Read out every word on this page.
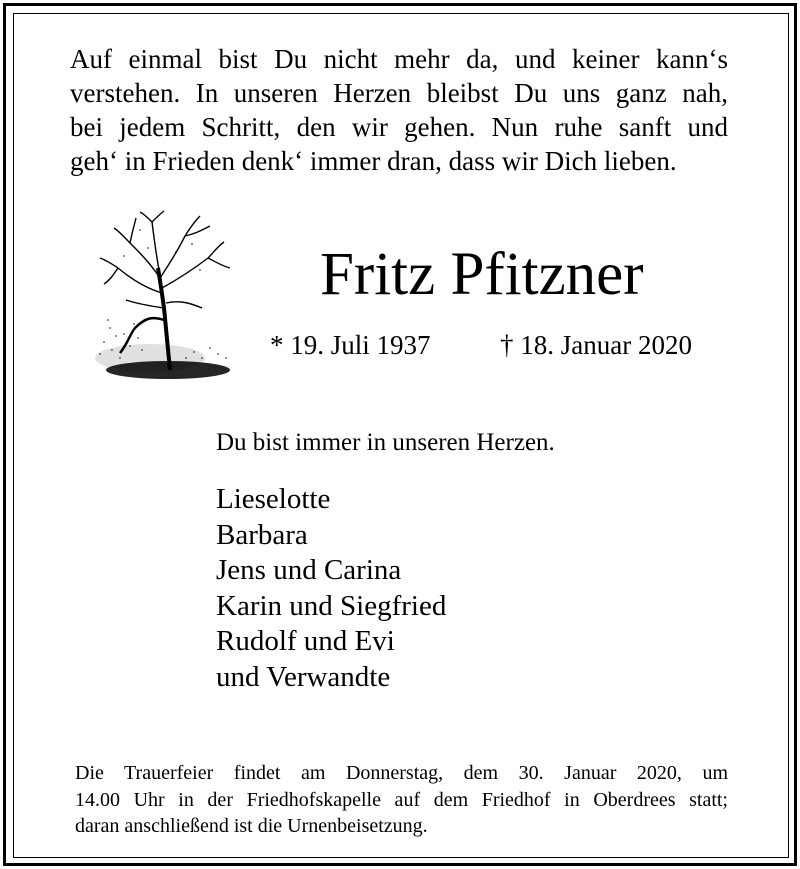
Auf einmal bist Du nicht mehr da, und keiner kann‘s
verstehen. In unseren Herzen bleibst Du uns ganz nah,
bei jedem Schritt, den wir gehen. Nun ruhe sanft und
geh‘ in Frieden denk‘ immer dran, dass wir Dich lieben.
Fritz Pfitzner
* 19. Juli 1937	† 18. Januar 2020
Du bist immer in unseren Herzen.
Lieselotte
Barbara
Jens und Carina
Karin und Siegfried
Rudolf und Evi
und Verwandte
Die Trauerfeier findet am Donnerstag, dem 30. Januar 2020, um
14.00 Uhr in der Friedhofskapelle auf dem Friedhof in Oberdrees statt;
daran anschließend ist die Urnenbeisetzung.
